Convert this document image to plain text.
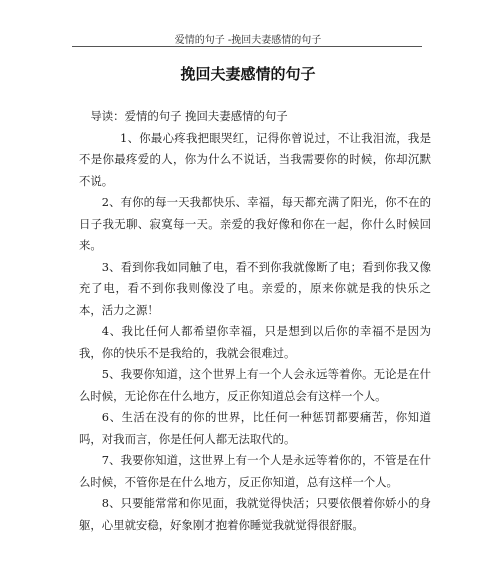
爱情的句子 -挽回夫妻感情的句子
挽回夫妻感情的句子

导读：爱情的句子 挽回夫妻感情的句子

1、你最心疼我把眼哭红，记得你曾说过，不让我泪流，我是不是你最疼爱的人，你为什么不说话，当我需要你的时候，你却沉默不说。

2、有你的每一天我都快乐、幸福，每天都充满了阳光，你不在的日子我无聊、寂寞每一天。亲爱的我好像和你在一起，你什么时候回来。

3、看到你我如同触了电，看不到你我就像断了电；看到你我又像充了电，看不到你我则像没了电。亲爱的，原来你就是我的快乐之本，活力之源！

4、我比任何人都希望你幸福，只是想到以后你的幸福不是因为我，你的快乐不是我给的，我就会很难过。

5、我要你知道，这个世界上有一个人会永远等着你。无论是在什么时候，无论你在什么地方，反正你知道总会有这样一个人。

6、生活在没有的你的世界，比任何一种惩罚都要痛苦，你知道吗，对我而言，你是任何人都无法取代的。

7、我要你知道，这世界上有一个人是永远等着你的，不管是在什么时候，不管你是在什么地方，反正你知道，总有这样一个人。

8、只要能常常和你见面，我就觉得快活；只要依偎着你娇小的身躯，心里就安稳，好象刚才抱着你睡觉我就觉得很舒服。
